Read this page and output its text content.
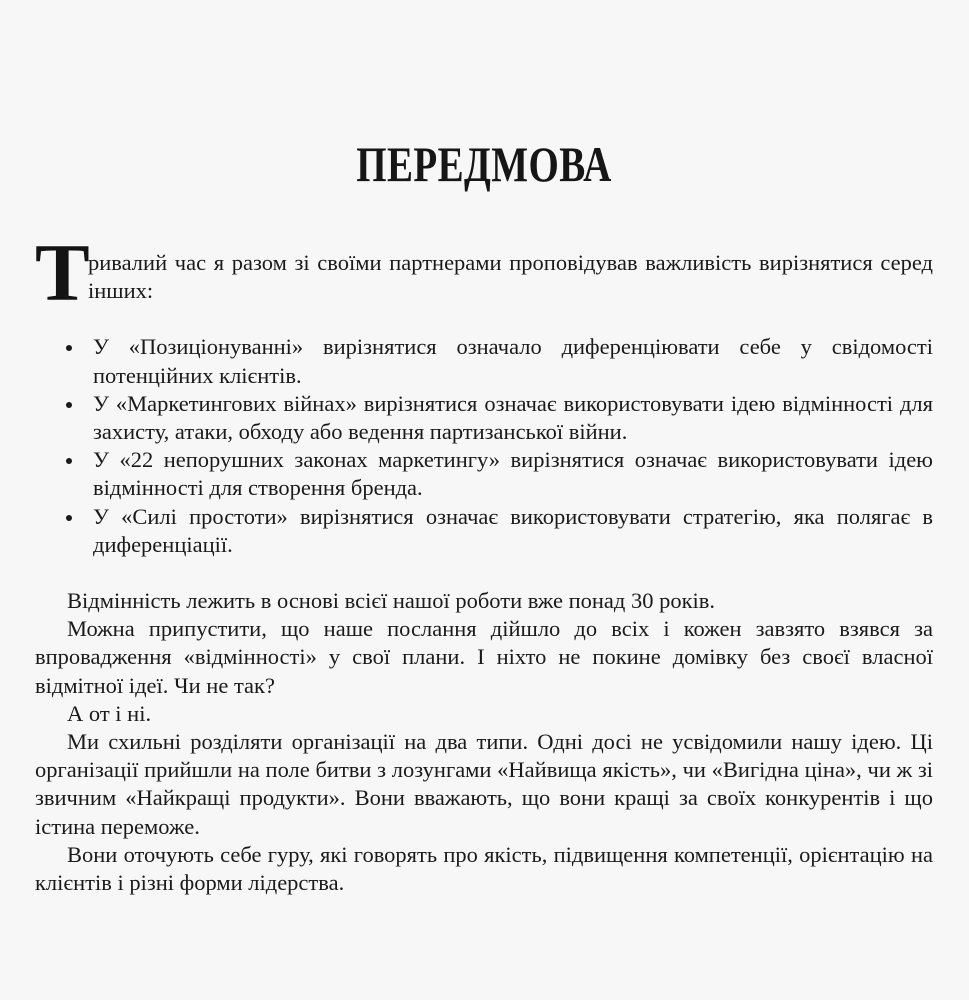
ПЕРЕДМОВА

Т
ривалий час я разом зі своїми партнерами проповідував важливість вирізнятися серед інших:

У «Позиціонуванні» вирізнятися означало диференціювати себе у свідомості потенційних клієнтів.
У «Маркетингових війнах» вирізнятися означає використовувати ідею відмінності для захисту, атаки, обходу або ведення партизанської війни.
У «22 непорушних законах маркетингу» вирізнятися означає використовувати ідею відмінності для створення бренда.
У «Силі простоти» вирізнятися означає використовувати стратегію, яка полягає в диференціації.

Відмінність лежить в основі всієї нашої роботи вже понад 30 років.

Можна припустити, що наше послання дійшло до всіх і кожен завзято взявся за впровадження «відмінності» у свої плани. І ніхто не покине домівку без своєї власної відмітної ідеї. Чи не так?

А от і ні.

Ми схильні розділяти організації на два типи. Одні досі не усвідомили нашу ідею. Ці організації прийшли на поле битви з лозунгами «Найвища якість», чи «Вигідна ціна», чи ж зі звичним «Найкращі продукти». Вони вважають, що вони кращі за своїх конкурентів і що істина переможе.

Вони оточують себе гуру, які говорять про якість, підвищення компетенції, орієнтацію на клієнтів і різні форми лідерства.
